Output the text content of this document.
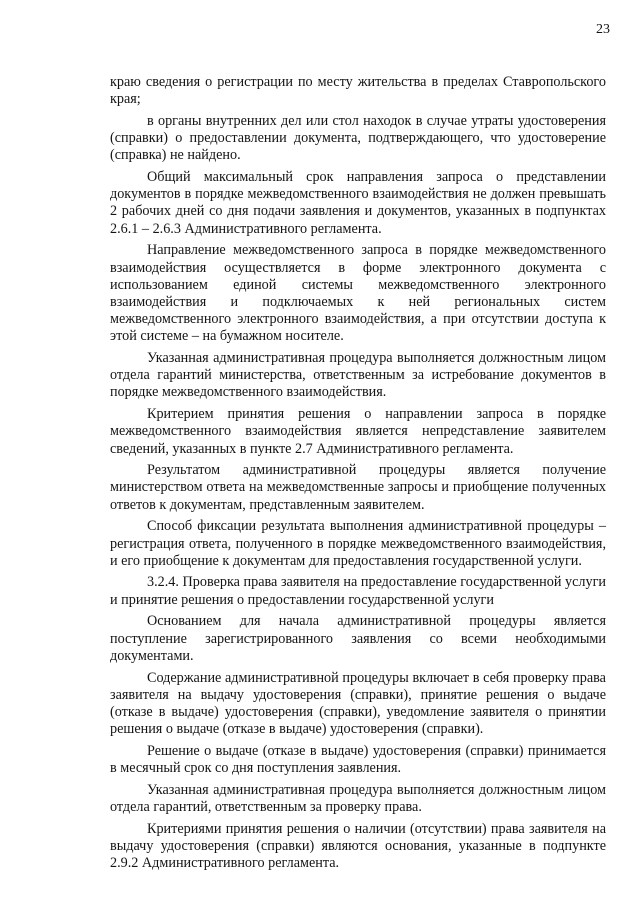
23

краю сведения о регистрации по месту жительства в пределах Ставропольского края;

в органы внутренних дел или стол находок в случае утраты удостоверения (справки) о предоставлении документа, подтверждающего, что удостоверение (справка) не найдено.

Общий максимальный срок направления запроса о представлении документов в порядке межведомственного взаимодействия не должен превышать 2 рабочих дней со дня подачи заявления и документов, указанных в подпунктах 2.6.1 – 2.6.3 Административного регламента.

Направление межведомственного запроса в порядке межведомственного взаимодействия осуществляется в форме электронного документа с использованием единой системы межведомственного электронного взаимодействия и подключаемых к ней региональных систем межведомственного электронного взаимодействия, а при отсутствии доступа к этой системе – на бумажном носителе.

Указанная административная процедура выполняется должностным лицом отдела гарантий министерства, ответственным за истребование документов в порядке межведомственного взаимодействия.

Критерием принятия решения о направлении запроса в порядке межведомственного взаимодействия является непредставление заявителем сведений, указанных в пункте 2.7 Административного регламента.

Результатом административной процедуры является получение министерством ответа на межведомственные запросы и приобщение полученных ответов к документам, представленным заявителем.

Способ фиксации результата выполнения административной процедуры – регистрация ответа, полученного в порядке межведомственного взаимодействия, и его приобщение к документам для предоставления государственной услуги.

3.2.4. Проверка права заявителя на предоставление государственной услуги и принятие решения о предоставлении государственной услуги

Основанием для начала административной процедуры является поступление зарегистрированного заявления со всеми необходимыми документами.

Содержание административной процедуры включает в себя проверку права заявителя на выдачу удостоверения (справки), принятие решения о выдаче (отказе в выдаче) удостоверения (справки), уведомление заявителя о принятии решения о выдаче (отказе в выдаче) удостоверения (справки).

Решение о выдаче (отказе в выдаче) удостоверения (справки) принимается в месячный срок со дня поступления заявления.

Указанная административная процедура выполняется должностным лицом отдела гарантий, ответственным за проверку права.

Критериями принятия решения о наличии (отсутствии) права заявителя на выдачу удостоверения (справки) являются основания, указанные в подпункте 2.9.2 Административного регламента.
